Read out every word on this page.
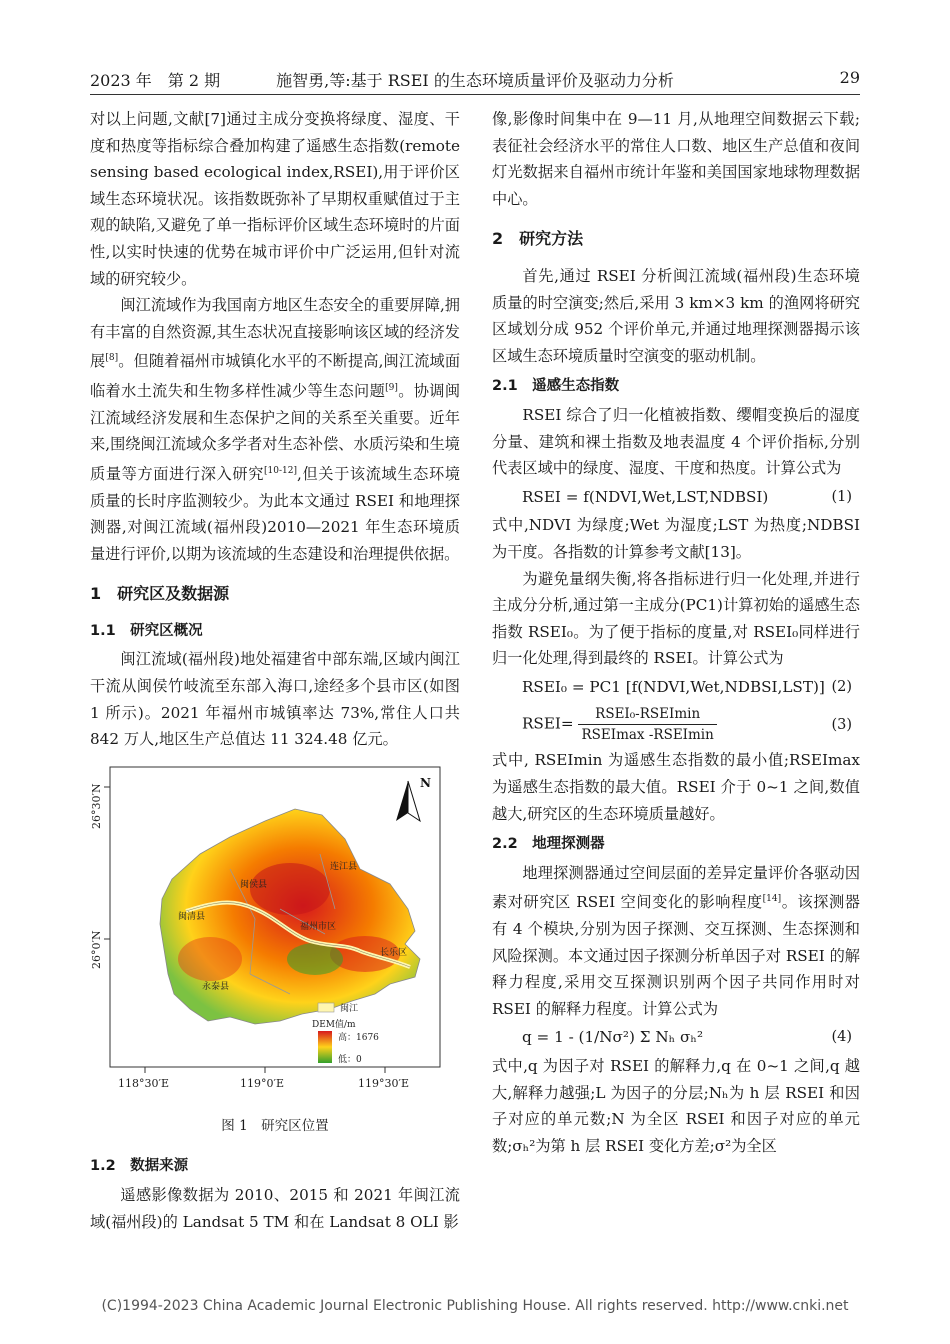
2023 年　第 2 期	施智勇,等:基于 RSEI 的生态环境质量评价及驱动力分析	29

对以上问题,文献[7]通过主成分变换将绿度、湿度、干度和热度等指标综合叠加构建了遥感生态指数(remote sensing based ecological index,RSEI),用于评价区域生态环境状况。该指数既弥补了早期权重赋值过于主观的缺陷,又避免了单一指标评价区域生态环境时的片面性,以实时快速的优势在城市评价中广泛运用,但针对流域的研究较少。

闽江流域作为我国南方地区生态安全的重要屏障,拥有丰富的自然资源,其生态状况直接影响该区域的经济发展[8]。但随着福州市城镇化水平的不断提高,闽江流域面临着水土流失和生物多样性减少等生态问题[9]。协调闽江流域经济发展和生态保护之间的关系至关重要。近年来,围绕闽江流域众多学者对生态补偿、水质污染和生境质量等方面进行深入研究[10-12],但关于该流域生态环境质量的长时序监测较少。为此本文通过 RSEI 和地理探测器,对闽江流域(福州段)2010—2021 年生态环境质量进行评价,以期为该流域的生态建设和治理提供依据。

1　研究区及数据源
1.1　研究区概况

闽江流域(福州段)地处福建省中部东端,区域内闽江干流从闽侯竹岐流至东部入海口,途经多个县市区(如图 1 所示)。2021 年福州市城镇率达 73%,常住人口共 842 万人,地区生产总值达 11 324.48 亿元。

闽清县
闽侯县
福州市区
连江县
长乐区
永泰县
N
26°30′N
26°0′N
118°30′E	119°0′E	119°30′E
闽江
DEM值/m
高：1676
低：0
图 1　研究区位置
1.2　数据来源

遥感影像数据为 2010、2015 和 2021 年闽江流域(福州段)的 Landsat 5 TM 和在 Landsat 8 OLI 影

像,影像时间集中在 9—11 月,从地理空间数据云下载;表征社会经济水平的常住人口数、地区生产总值和夜间灯光数据来自福州市统计年鉴和美国国家地球物理数据中心。

2　研究方法

首先,通过 RSEI 分析闽江流域(福州段)生态环境质量的时空演变;然后,采用 3 km×3 km 的渔网将研究区域划分成 952 个评价单元,并通过地理探测器揭示该区域生态环境质量时空演变的驱动机制。

2.1　遥感生态指数

RSEI 综合了归一化植被指数、缨帽变换后的湿度分量、建筑和裸土指数及地表温度 4 个评价指标,分别代表区域中的绿度、湿度、干度和热度。计算公式为

RSEI = f(NDVI,Wet,LST,NDBSI)	(1)

式中,NDVI 为绿度;Wet 为湿度;LST 为热度;NDBSI 为干度。各指数的计算参考文献[13]。

为避免量纲失衡,将各指标进行归一化处理,并进行主成分分析,通过第一主成分(PC1)计算初始的遥感生态指数 RSEI₀。为了便于指标的度量,对 RSEI₀同样进行归一化处理,得到最终的 RSEI。计算公式为

RSEI₀ = PC1 [f(NDVI,Wet,NDBSI,LST)] (2)
RSEI= $\frac{\text{RSEI₀-RSEImin}}{\text{RSEImax -RSEImin}}$	(3)

式中, RSEImin 为遥感生态指数的最小值;RSEImax 为遥感生态指数的最大值。RSEI 介于 0~1 之间,数值越大,研究区的生态环境质量越好。

2.2　地理探测器

地理探测器通过空间层面的差异定量评价各驱动因素对研究区 RSEI 空间变化的影响程度[14]。该探测器有 4 个模块,分别为因子探测、交互探测、生态探测和风险探测。本文通过因子探测分析单因子对 RSEI 的解释力程度,采用交互探测识别两个因子共同作用时对 RSEI 的解释力程度。计算公式为

q = 1 - (1/Nσ²) Σ Nₕ σₕ²	(4)

式中,q 为因子对 RSEI 的解释力,q 在 0~1 之间,q 越大,解释力越强;L 为因子的分层;Nₕ为 h 层 RSEI 和因子对应的单元数;N 为全区 RSEI 和因子对应的单元数;σₕ²为第 h 层 RSEI 变化方差;σ²为全区

(C)1994-2023 China Academic Journal Electronic Publishing House. All rights reserved. http://www.cnki.net
